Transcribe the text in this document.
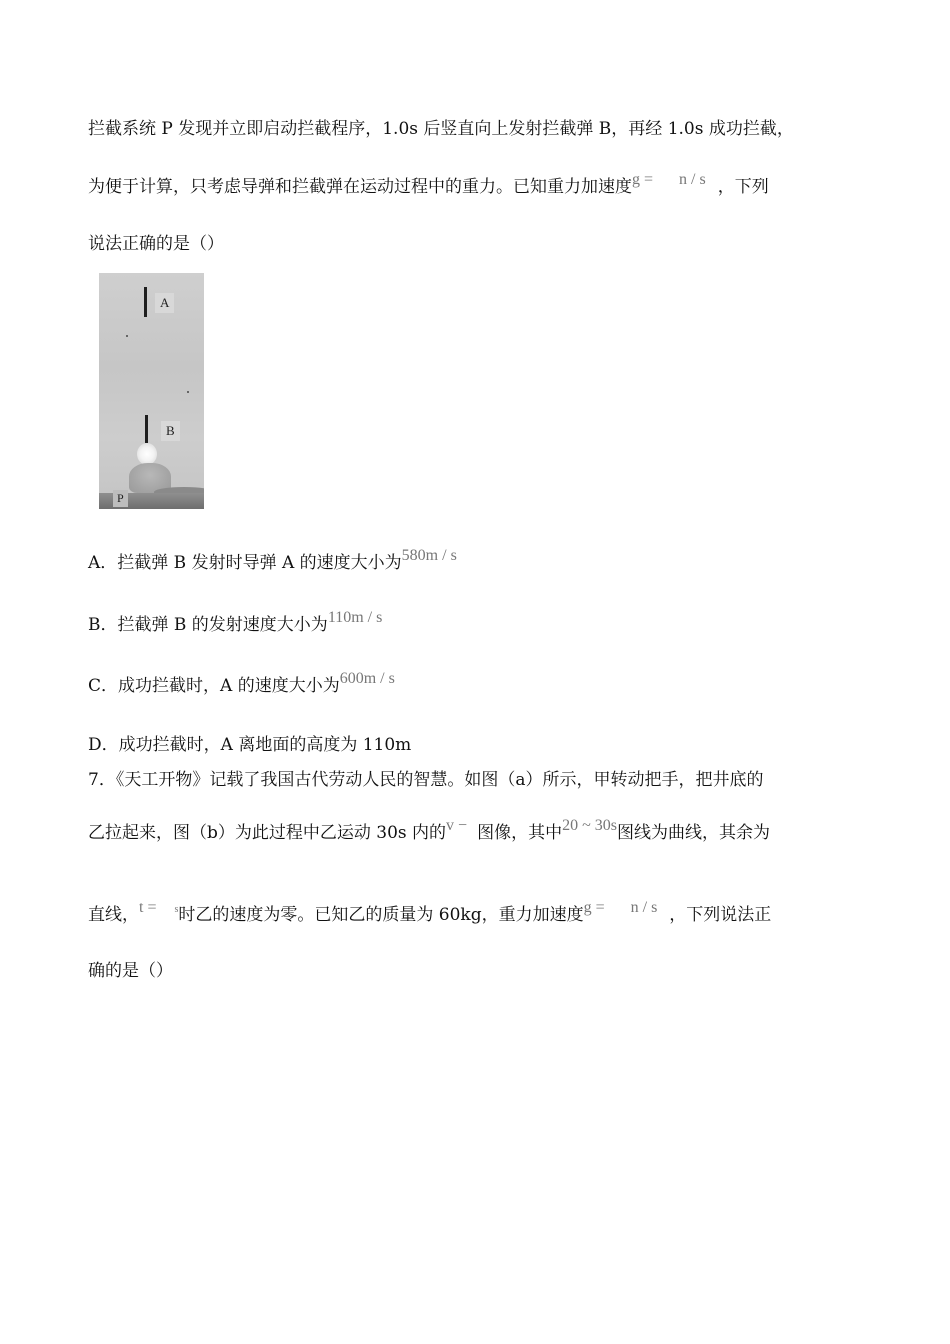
拦截系统 P 发现并立即启动拦截程序，1.0s 后竖直向上发射拦截弹 B，再经 1.0s 成功拦截，
为便于计算，只考虑导弹和拦截弹在运动过程中的重力。已知重力加速度g = n / s ，下列
说法正确的是（）
A
B
P
A．拦截弹 B 发射时导弹 A 的速度大小为580m / s
B．拦截弹 B 的发射速度大小为110m / s
C．成功拦截时，A 的速度大小为600m / s
D．成功拦截时，A 离地面的高度为 110m
7．《天工开物》记载了我国古代劳动人民的智慧。如图（a）所示，甲转动把手，把井底的
乙拉起来，图（b）为此过程中乙运动 30s 内的v − 图像，其中20 ~ 30s图线为曲线，其余为
直线，t = $^s$时乙的速度为零。已知乙的质量为 60kg，重力加速度g = n / s ，下列说法正
确的是（）
